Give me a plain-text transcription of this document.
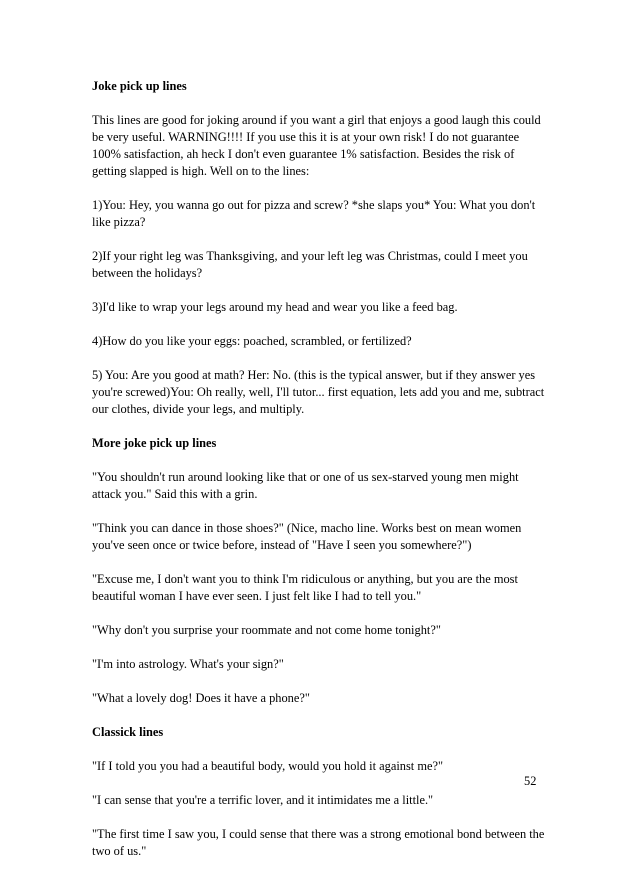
Joke pick up lines

This lines are good for joking around if you want a girl that enjoys a good laugh this could be very useful. WARNING!!!! If you use this it is at your own risk! I do not guarantee 100% satisfaction, ah heck I don't even guarantee 1% satisfaction. Besides the risk of getting slapped is high. Well on to the lines:

1)You: Hey, you wanna go out for pizza and screw? *she slaps you* You: What you don't like pizza?

2)If your right leg was Thanksgiving, and your left leg was Christmas, could I meet you between the holidays?

3)I'd like to wrap your legs around my head and wear you like a feed bag.

4)How do you like your eggs: poached, scrambled, or fertilized?

5) You: Are you good at math? Her: No. (this is the typical answer, but if they answer yes you're screwed)You: Oh really, well, I'll tutor... first equation, lets add you and me, subtract our clothes, divide your legs, and multiply.

More joke pick up lines

"You shouldn't run around looking like that or one of us sex-starved young men might attack you." Said this with a grin.

"Think you can dance in those shoes?" (Nice, macho line. Works best on mean women you've seen once or twice before, instead of "Have I seen you somewhere?")

"Excuse me, I don't want you to think I'm ridiculous or anything, but you are the most beautiful woman I have ever seen. I just felt like I had to tell you."

"Why don't you surprise your roommate and not come home tonight?"

"I'm into astrology. What's your sign?"

"What a lovely dog! Does it have a phone?"

Classick lines

"If I told you you had a beautiful body, would you hold it against me?"

"I can sense that you're a terrific lover, and it intimidates me a little."

"The first time I saw you, I could sense that there was a strong emotional bond between the two of us."

52
